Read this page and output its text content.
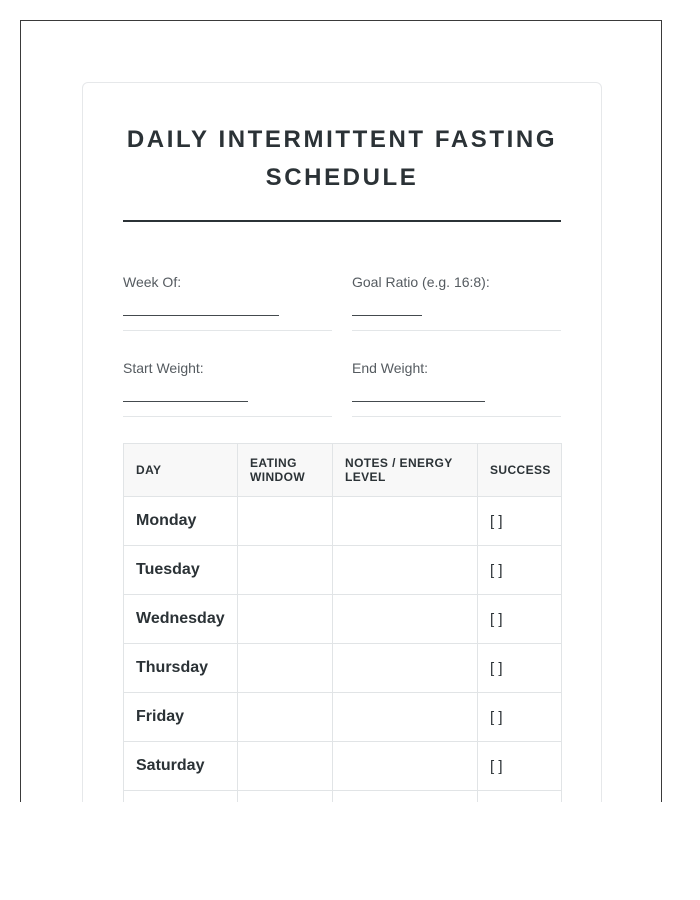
DAILY INTERMITTENT FASTING SCHEDULE
Week Of:	Goal Ratio (e.g. 16:8):
Start Weight:	End Weight:
DAY	EATING WINDOW	NOTES / ENERGY LEVEL	SUCCESS
Monday			[ ]
Tuesday			[ ]
Wednesday			[ ]
Thursday			[ ]
Friday			[ ]
Saturday			[ ]
